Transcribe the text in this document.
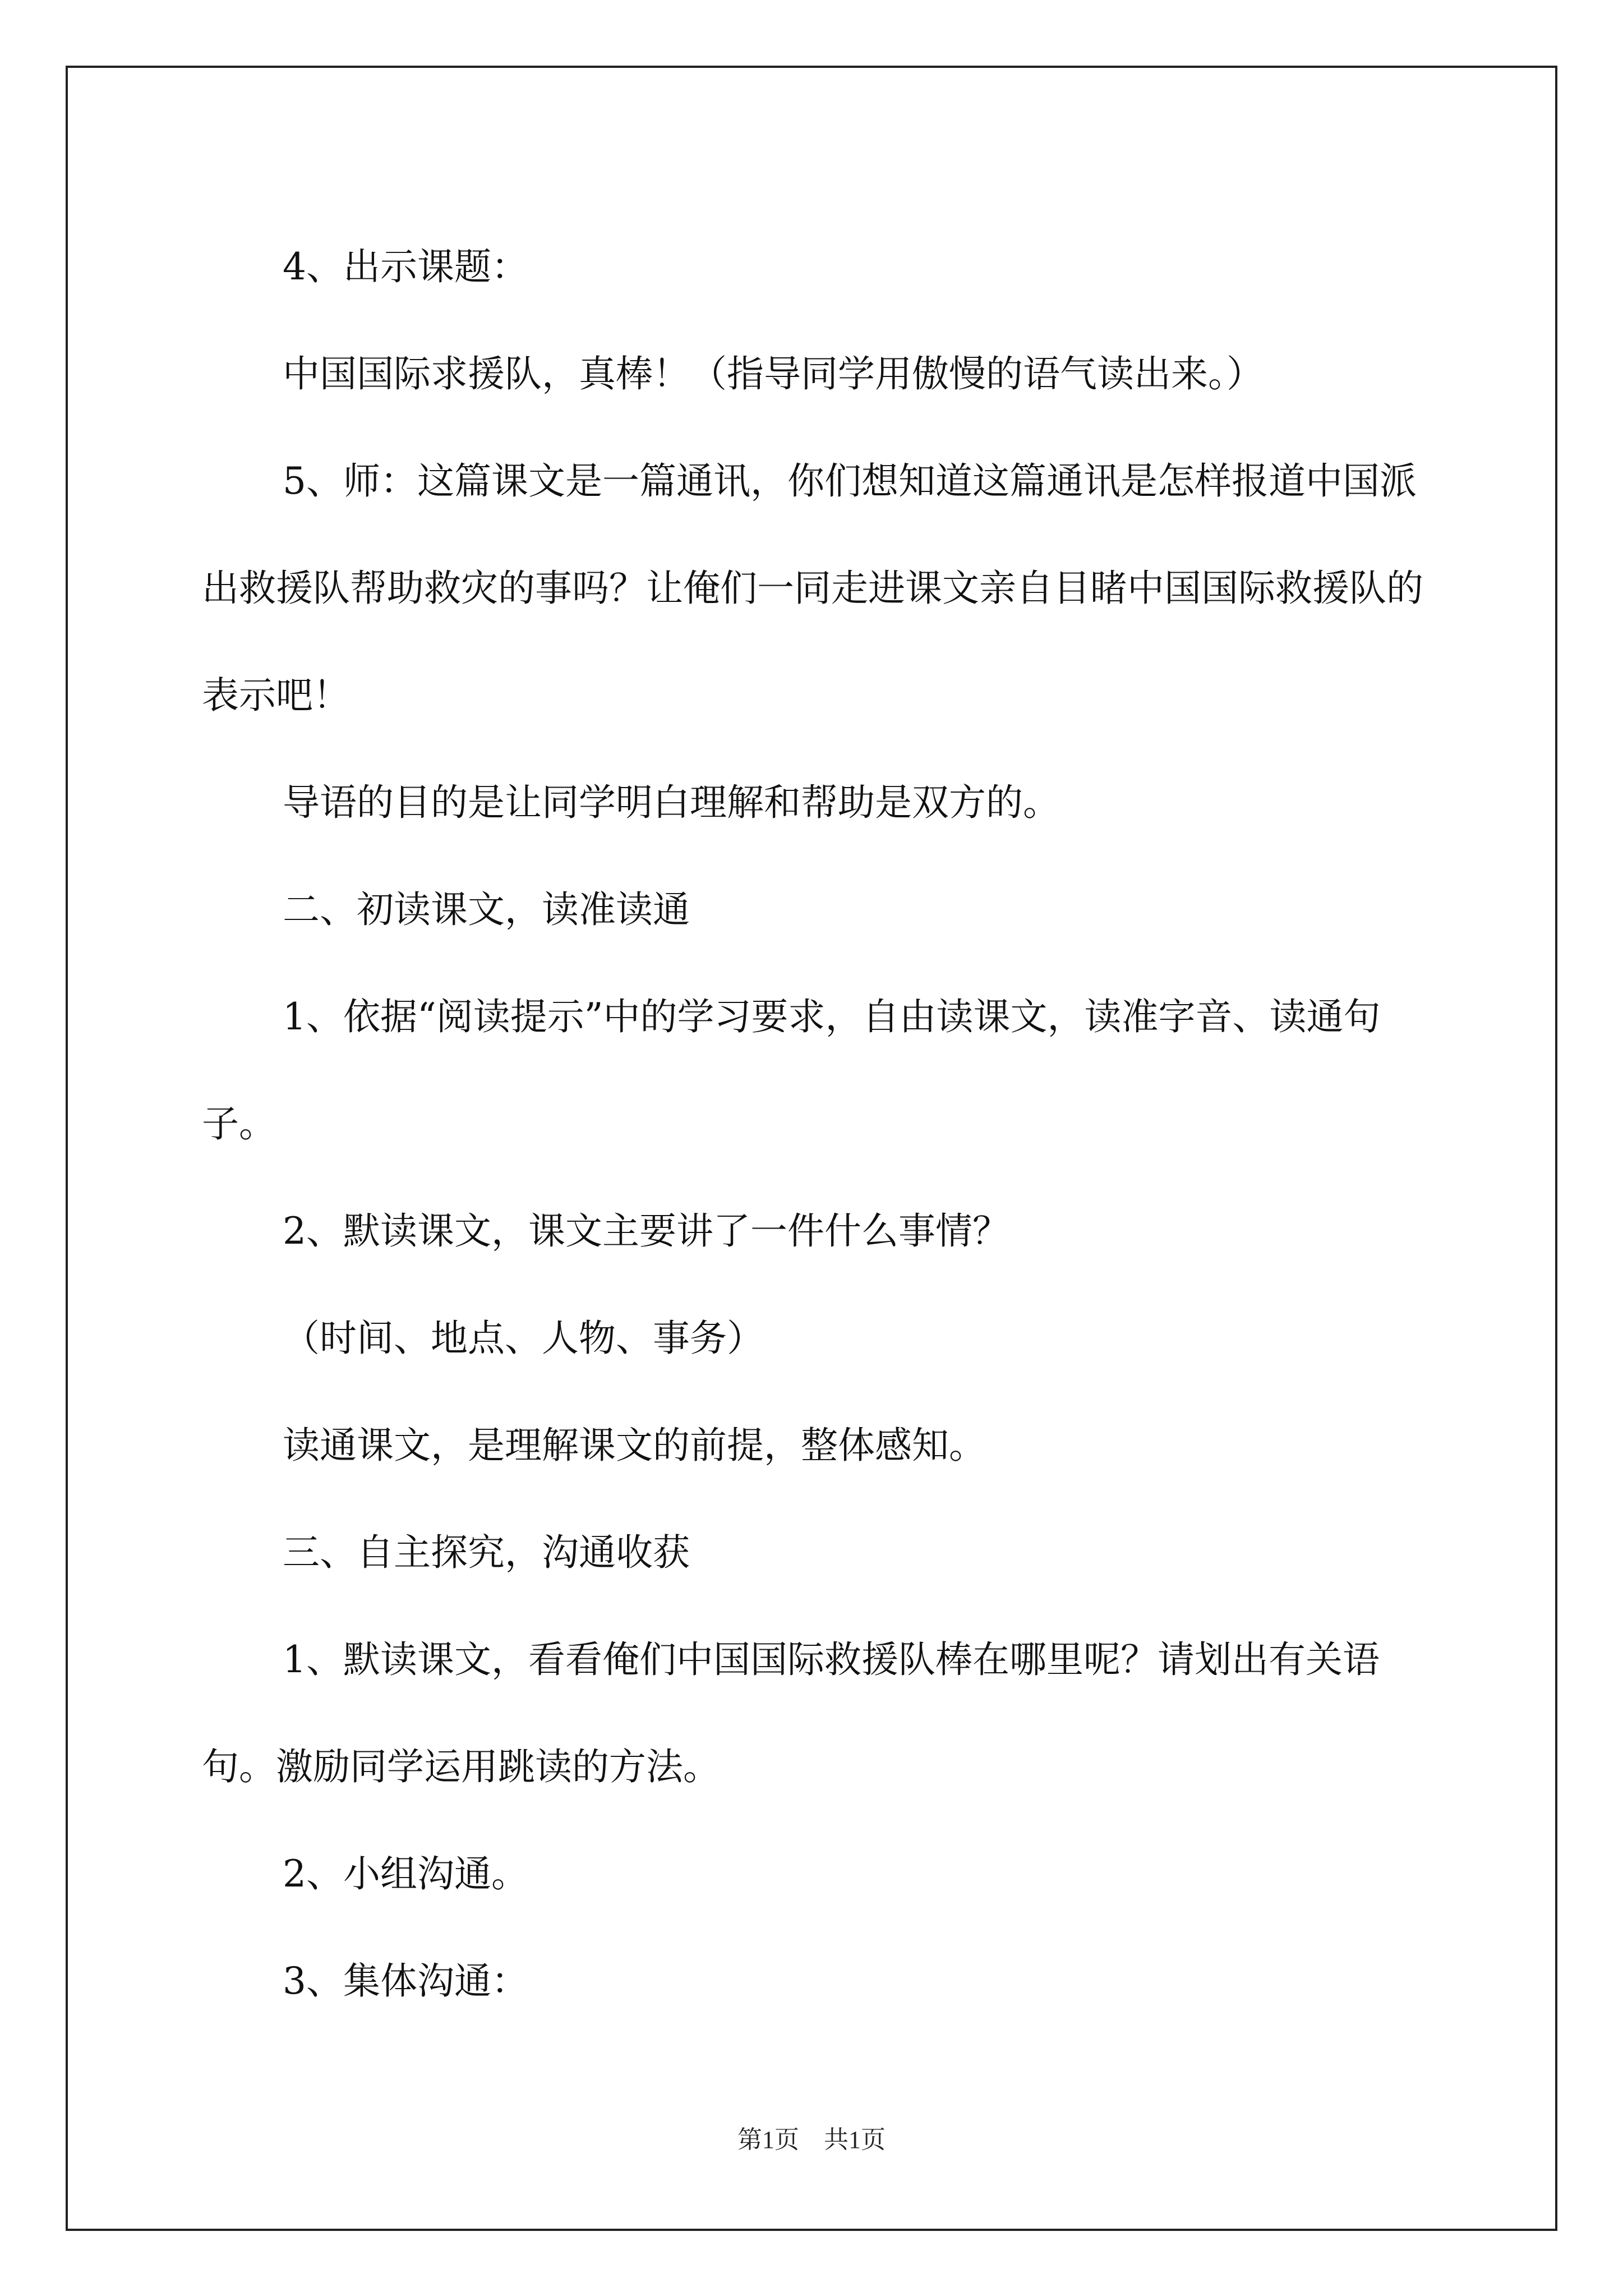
4、出示课题：

中国国际求援队，真棒！（指导同学用傲慢的语气读出来。）

5、师：这篇课文是一篇通讯，你们想知道这篇通讯是怎样报道中国派出救援队帮助救灾的事吗？让俺们一同走进课文亲自目睹中国国际救援队的表示吧！

导语的目的是让同学明白理解和帮助是双方的。

二、初读课文，读准读通

1、依据“阅读提示”中的学习要求，自由读课文，读准字音、读通句子。

2、默读课文，课文主要讲了一件什么事情？

（时间、地点、人物、事务）

读通课文，是理解课文的前提，整体感知。

三、自主探究，沟通收获

1、默读课文，看看俺们中国国际救援队棒在哪里呢？请划出有关语句。激励同学运用跳读的方法。

2、小组沟通。

3、集体沟通：

第1页　共1页
